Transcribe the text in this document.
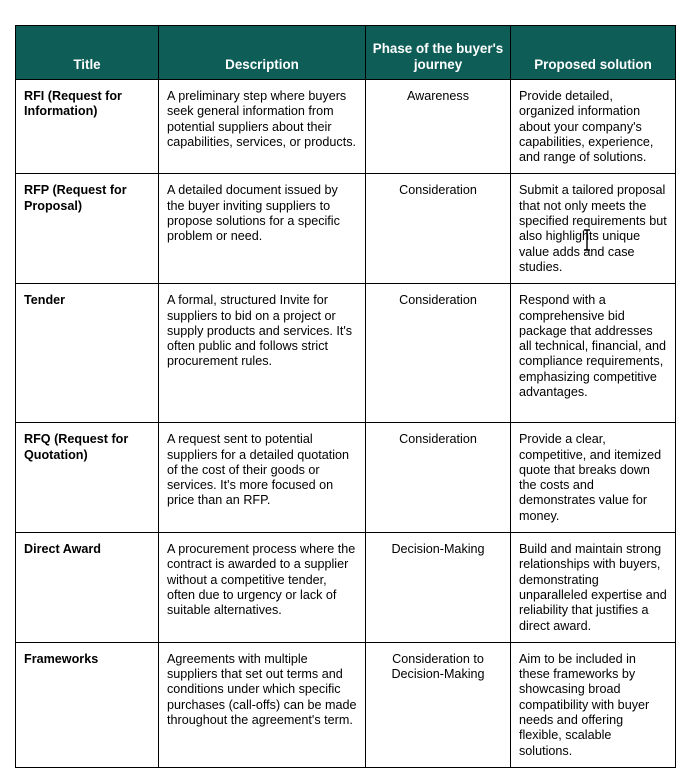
Title	Description	Phase of the buyer's journey	Proposed solution
RFI (Request for Information)	A preliminary step where buyers seek general information from potential suppliers about their capabilities, services, or products.	Awareness	Provide detailed, organized information about your company's capabilities, experience, and range of solutions.
RFP (Request for Proposal)	A detailed document issued by the buyer inviting suppliers to propose solutions for a specific problem or need.	Consideration	Submit a tailored proposal that not only meets the specified requirements but also highlights unique value adds and case studies.
Tender	A formal, structured Invite for suppliers to bid on a project or supply products and services. It's often public and follows strict procurement rules.	Consideration	Respond with a comprehensive bid package that addresses all technical, financial, and compliance requirements, emphasizing competitive advantages.
RFQ (Request for Quotation)	A request sent to potential suppliers for a detailed quotation of the cost of their goods or services. It's more focused on price than an RFP.	Consideration	Provide a clear, competitive, and itemized quote that breaks down the costs and demonstrates value for money.
Direct Award	A procurement process where the contract is awarded to a supplier without a competitive tender, often due to urgency or lack of suitable alternatives.	Decision-Making	Build and maintain strong relationships with buyers, demonstrating unparalleled expertise and reliability that justifies a direct award.
Frameworks	Agreements with multiple suppliers that set out terms and conditions under which specific purchases (call-offs) can be made throughout the agreement's term.	Consideration to Decision-Making	Aim to be included in these frameworks by showcasing broad compatibility with buyer needs and offering flexible, scalable solutions.
